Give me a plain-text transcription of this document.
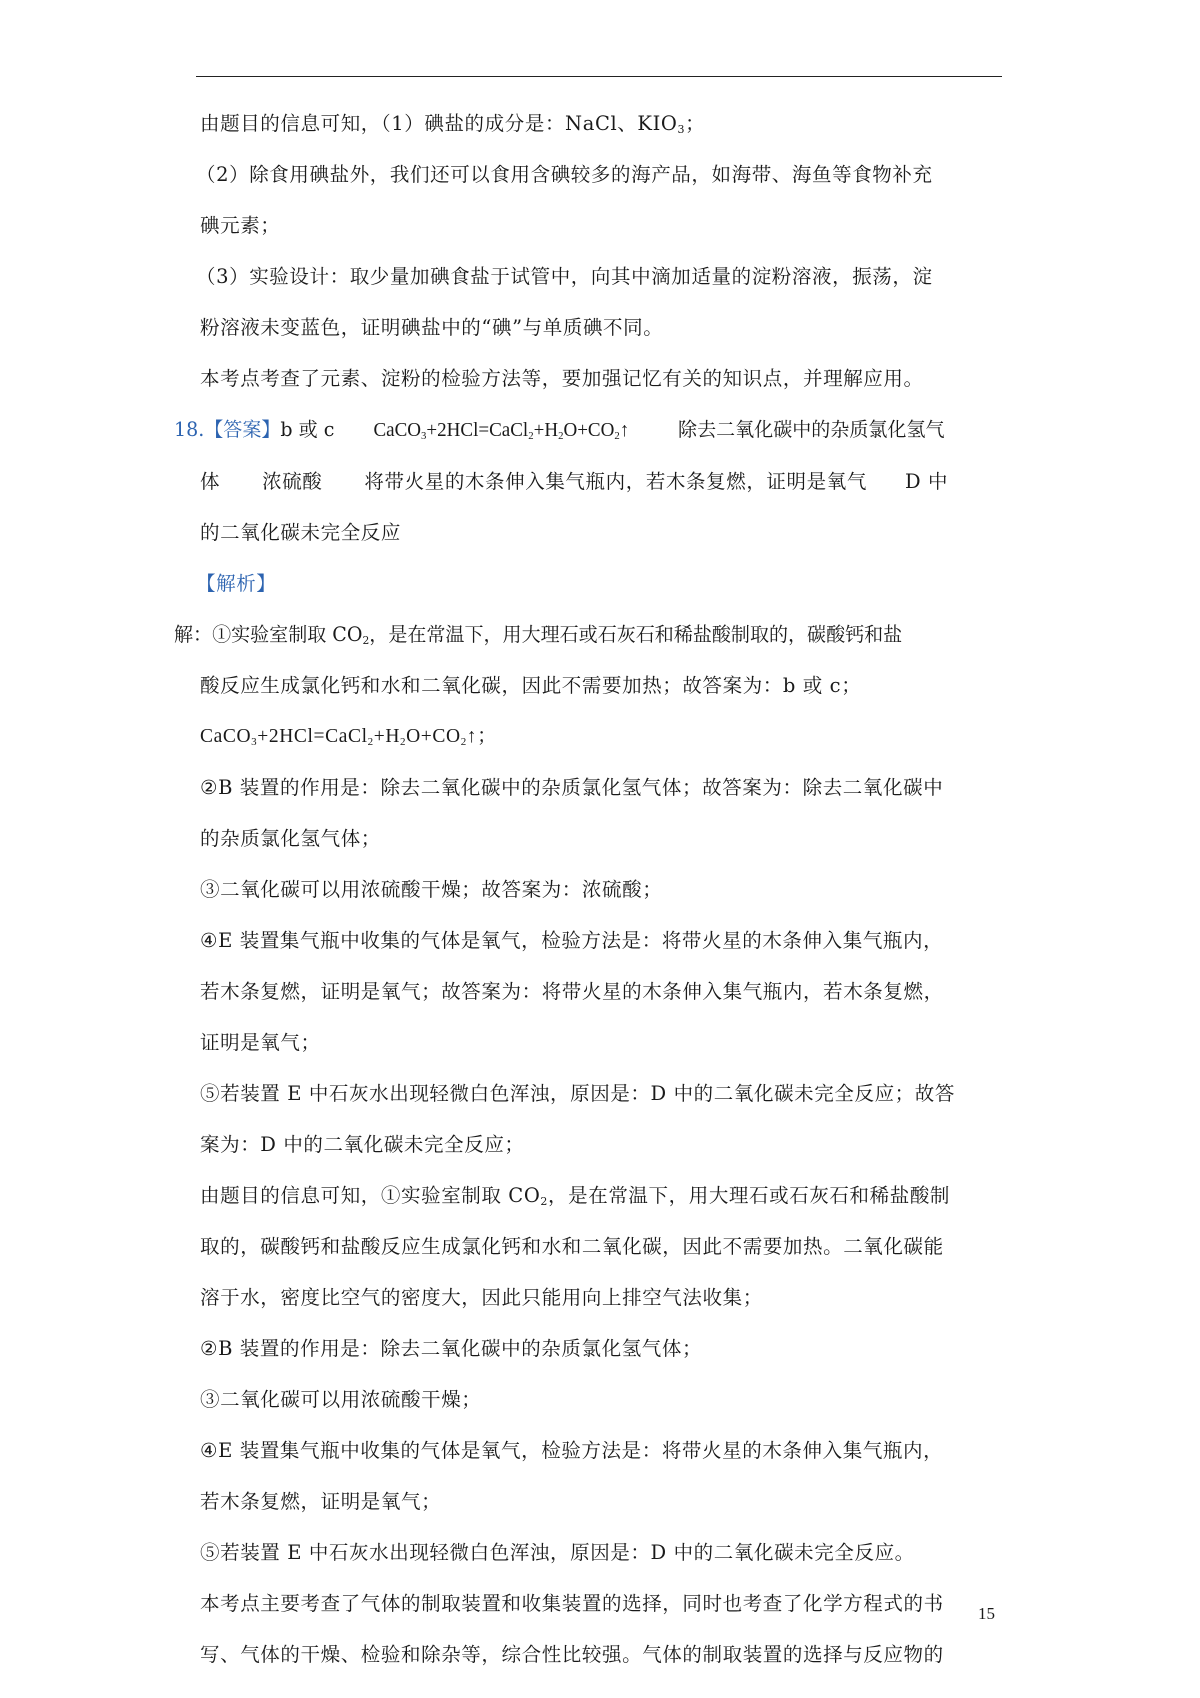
由题目的信息可知，（1）碘盐的成分是：NaCl、$KIO_3$；

（2）除食用碘盐外，我们还可以食用含碘较多的海产品，如海带、海鱼等食物补充

碘元素；

（3）实验设计：取少量加碘食盐于试管中，向其中滴加适量的淀粉溶液，振荡，淀

粉溶液未变蓝色，证明碘盐中的“碘”与单质碘不同。

本考点考查了元素、淀粉的检验方法等，要加强记忆有关的知识点，并理解应用。

18.【答案】b 或 c $CaCO_3+2HCl=CaCl_2+H_2O+CO_2↑$	除去二氧化碳中的杂质氯化氢气

体 浓硫酸 将带火星的木条伸入集气瓶内，若木条复燃，证明是氧气 D 中

的二氧化碳未完全反应

【解析】

解：①实验室制取 $CO_2$，是在常温下，用大理石或石灰石和稀盐酸制取的，碳酸钙和盐

酸反应生成氯化钙和水和二氧化碳，因此不需要加热；故答案为：b 或 c；

$CaCO_3+2HCl=CaCl_2+H_2O+CO_2↑$；

②B 装置的作用是：除去二氧化碳中的杂质氯化氢气体；故答案为：除去二氧化碳中

的杂质氯化氢气体；

③二氧化碳可以用浓硫酸干燥；故答案为：浓硫酸；

④E 装置集气瓶中收集的气体是氧气，检验方法是：将带火星的木条伸入集气瓶内，

若木条复燃，证明是氧气；故答案为：将带火星的木条伸入集气瓶内，若木条复燃，

证明是氧气；

⑤若装置 E 中石灰水出现轻微白色浑浊，原因是：D 中的二氧化碳未完全反应；故答

案为：D 中的二氧化碳未完全反应；

由题目的信息可知，①实验室制取 $CO_2$，是在常温下，用大理石或石灰石和稀盐酸制

取的，碳酸钙和盐酸反应生成氯化钙和水和二氧化碳，因此不需要加热。二氧化碳能

溶于水，密度比空气的密度大，因此只能用向上排空气法收集；

②B 装置的作用是：除去二氧化碳中的杂质氯化氢气体；

③二氧化碳可以用浓硫酸干燥；

④E 装置集气瓶中收集的气体是氧气，检验方法是：将带火星的木条伸入集气瓶内，

若木条复燃，证明是氧气；

⑤若装置 E 中石灰水出现轻微白色浑浊，原因是：D 中的二氧化碳未完全反应。

本考点主要考查了气体的制取装置和收集装置的选择，同时也考查了化学方程式的书

写、气体的干燥、检验和除杂等，综合性比较强。气体的制取装置的选择与反应物的

15
